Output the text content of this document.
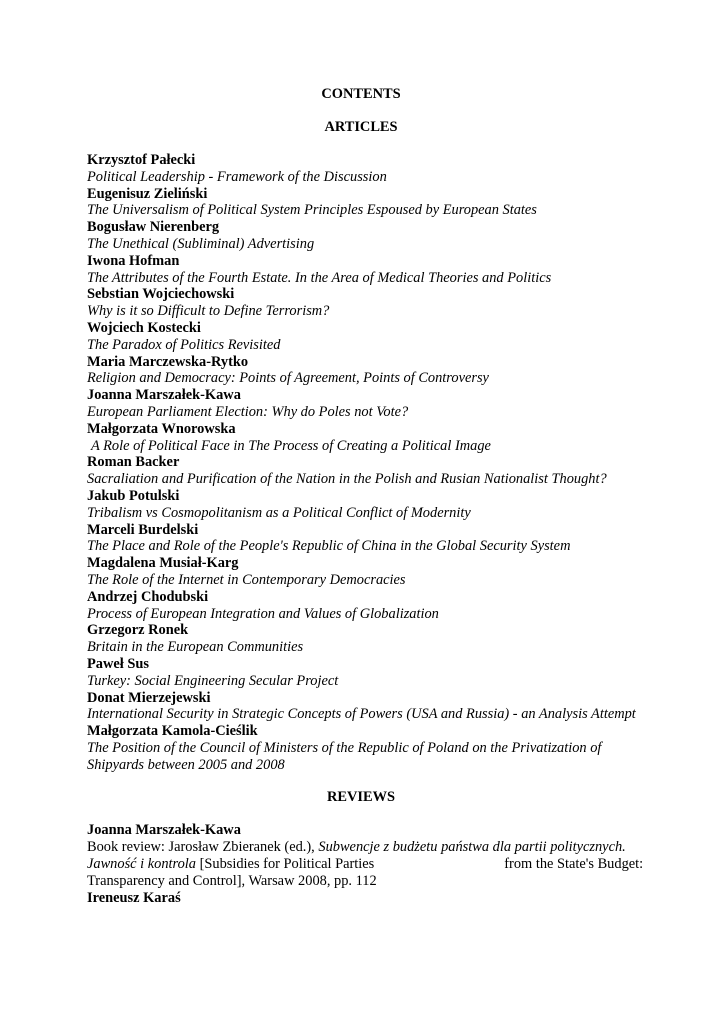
CONTENTS
ARTICLES
Krzysztof Pałecki
Political Leadership - Framework of the Discussion
Eugenisuz Zieliński
The Universalism of Political System Principles Espoused by European States
Bogusław Nierenberg
The Unethical (Subliminal) Advertising
Iwona Hofman
The Attributes of the Fourth Estate. In the Area of Medical Theories and Politics
Sebstian Wojciechowski
Why is it so Difficult to Define Terrorism?
Wojciech Kostecki
The Paradox of Politics Revisited
Maria Marczewska-Rytko
Religion and Democracy: Points of Agreement, Points of Controversy
Joanna Marszałek-Kawa
European Parliament Election: Why do Poles not Vote?
Małgorzata Wnorowska
A Role of Political Face in The Process of Creating a Political Image
Roman Backer
Sacraliation and Purification of the Nation in the Polish and Rusian Nationalist Thought?
Jakub Potulski
Tribalism vs Cosmopolitanism as a Political Conflict of Modernity
Marceli Burdelski
The Place and Role of the People's Republic of China in the Global Security System
Magdalena Musiał-Karg
The Role of the Internet in Contemporary Democracies
Andrzej Chodubski
Process of European Integration and Values of Globalization
Grzegorz Ronek
Britain in the European Communities
Paweł Sus
Turkey: Social Engineering Secular Project
Donat Mierzejewski
International Security in Strategic Concepts of Powers (USA and Russia) - an Analysis Attempt
Małgorzata Kamola-Cieślik
The Position of the Council of Ministers of the Republic of Poland on the Privatization of Shipyards between 2005 and 2008
REVIEWS
Joanna Marszałek-Kawa
Book review: Jarosław Zbieranek (ed.), Subwencje z budżetu państwa dla partii politycznych. Jawność i kontrola [Subsidies for Political Parties	from the State's Budget: Transparency and Control], Warsaw 2008, pp. 112
Ireneusz Karaś
